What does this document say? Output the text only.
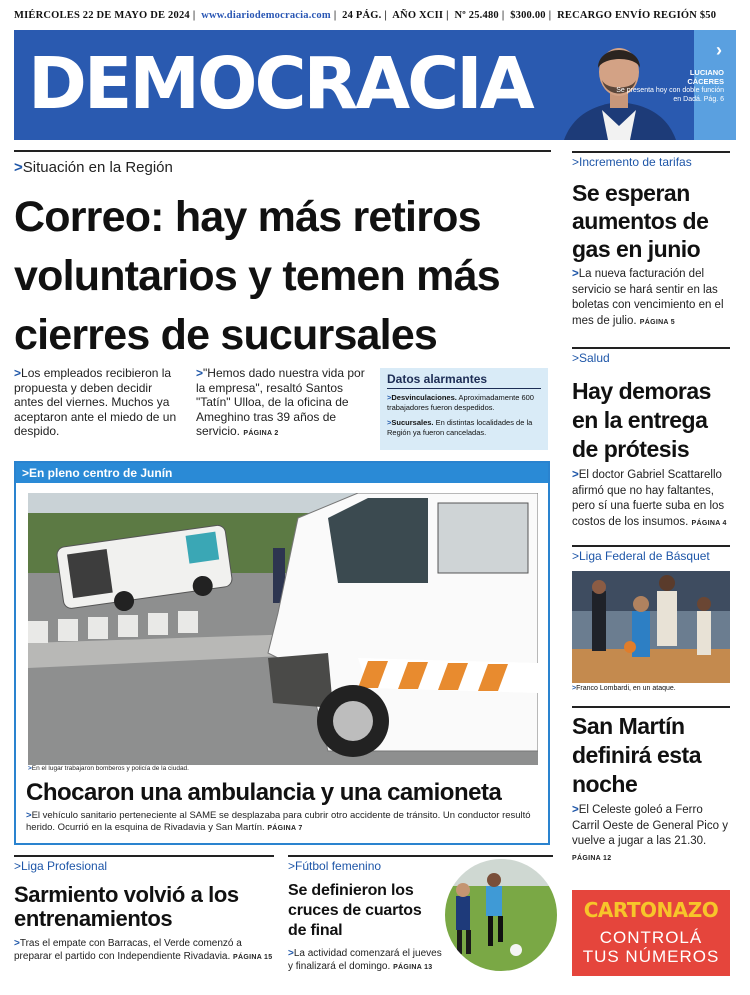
MIÉRCOLES 22 DE MAYO DE 2024 | www.diariodemocracia.com | 24 PÁG. | AÑO XCII | Nº 25.480 | $300.00 | RECARGO ENVÍO REGIÓN $50
DEMOCRACIA	›
LUCIANO
CÁCERES
Se presenta hoy con doble función en Dadá. Pág. 6
>Situación en la Región
Correo: hay más retiros
voluntarios y temen más
cierres de sucursales
>Los empleados recibieron la propuesta y deben decidir antes del viernes. Muchos ya aceptaron ante el miedo de un despido.
>"Hemos dado nuestra vida por la empresa", resaltó Santos "Tatín" Ulloa, de la oficina de Ameghino tras 39 años de servicio. PÁGINA 2
Datos alarmantes
>Desvinculaciones. Aproximadamente 600 trabajadores fueron despedidos.
>Sucursales. En distintas localidades de la Región ya fueron canceladas.
>En pleno centro de Junín
>En el lugar trabajaron bomberos y policía de la ciudad.
Chocaron una ambulancia y una camioneta
>El vehículo sanitario perteneciente al SAME se desplazaba para cubrir otro accidente de tránsito. Un conductor resultó herido. Ocurrió en la esquina de Rivadavia y San Martín. PÁGINA 7
>Incremento de tarifas
Se esperan aumentos de gas en junio
>La nueva facturación del servicio se hará sentir en las boletas con vencimiento en el mes de julio. PÁGINA 5
>Salud
Hay demoras en la entrega de prótesis
>El doctor Gabriel Scattarello afirmó que no hay faltantes, pero sí una fuerte suba en los costos de los insumos. PÁGINA 4
>Liga Federal de Básquet
>Franco Lombardi, en un ataque.
San Martín definirá esta noche
>El Celeste goleó a Ferro Carril Oeste de General Pico y vuelve a jugar a las 21.30. PÁGINA 12
>Liga Profesional
Sarmiento volvió a los entrenamientos
>Tras el empate con Barracas, el Verde comenzó a preparar el partido con Independiente Rivadavia. PÁGINA 15
>Fútbol femenino
Se definieron los cruces de cuartos de final
>La actividad comenzará el jueves y finalizará el domingo. PÁGINA 13
CARTONAZO
CONTROLÁ
TUS NÚMEROS
